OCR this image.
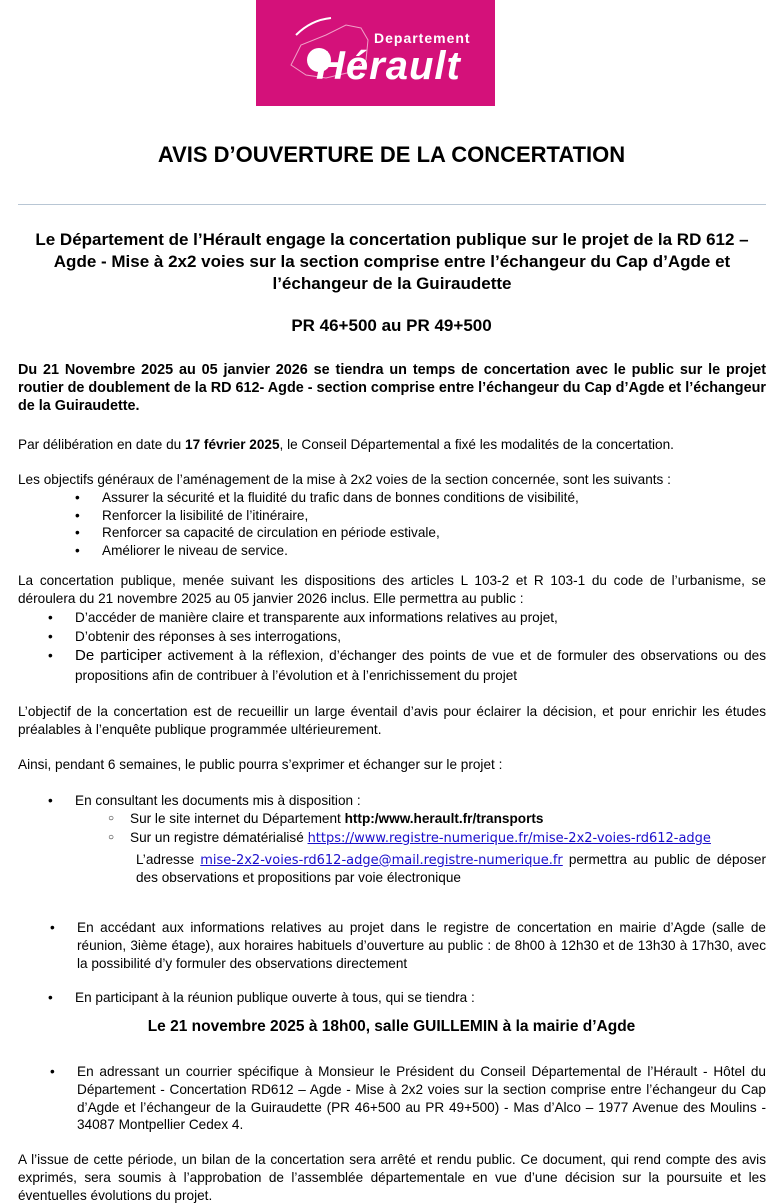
Departement
Hérault
AVIS D’OUVERTURE DE LA CONCERTATION
Le Département de l’Hérault engage la concertation publique sur le projet de la RD 612 – Agde - Mise à 2x2 voies sur la section comprise entre l’échangeur du Cap d’Agde et l’échangeur de la Guiraudette
PR 46+500 au PR 49+500
Du 21 Novembre 2025 au 05 janvier 2026 se tiendra un temps de concertation avec le public sur le projet routier de doublement de la RD 612- Agde - section comprise entre l’échangeur du Cap d’Agde et l’échangeur de la Guiraudette.
Par délibération en date du 17 février 2025, le Conseil Départemental a fixé les modalités de la concertation.
Les objectifs généraux de l’aménagement de la mise à 2x2 voies de la section concernée, sont les suivants :
• Assurer la sécurité et la fluidité du trafic dans de bonnes conditions de visibilité,
• Renforcer la lisibilité de l’itinéraire,
• Renforcer sa capacité de circulation en période estivale,
• Améliorer le niveau de service.
La concertation publique, menée suivant les dispositions des articles L 103-2 et R 103-1 du code de l’urbanisme, se déroulera du 21 novembre 2025 au 05 janvier 2026 inclus. Elle permettra au public :
• D’accéder de manière claire et transparente aux informations relatives au projet,
• D’obtenir des réponses à ses interrogations,
• De participer activement à la réflexion, d’échanger des points de vue et de formuler des observations ou des propositions afin de contribuer à l’évolution et à l’enrichissement du projet
L’objectif de la concertation est de recueillir un large éventail d’avis pour éclairer la décision, et pour enrichir les études préalables à l’enquête publique programmée ultérieurement.
Ainsi, pendant 6 semaines, le public pourra s’exprimer et échanger sur le projet :
• En consultant les documents mis à disposition :
○ Sur le site internet du Département http:/www.herault.fr/transports
○ Sur un registre dématérialisé https://www.registre-numerique.fr/mise-2x2-voies-rd612-adge
L’adresse mise-2x2-voies-rd612-adge@mail.registre-numerique.fr permettra au public de déposer des observations et propositions par voie électronique
• En accédant aux informations relatives au projet dans le registre de concertation en mairie d’Agde (salle de réunion, 3ième étage), aux horaires habituels d’ouverture au public : de 8h00 à 12h30 et de 13h30 à 17h30, avec la possibilité d’y formuler des observations directement
• En participant à la réunion publique ouverte à tous, qui se tiendra :
Le 21 novembre 2025 à 18h00, salle GUILLEMIN à la mairie d’Agde
• En adressant un courrier spécifique à Monsieur le Président du Conseil Départemental de l’Hérault - Hôtel du Département - Concertation RD612 – Agde - Mise à 2x2 voies sur la section comprise entre l’échangeur du Cap d’Agde et l’échangeur de la Guiraudette (PR 46+500 au PR 49+500) - Mas d’Alco – 1977 Avenue des Moulins - 34087 Montpellier Cedex 4.
A l’issue de cette période, un bilan de la concertation sera arrêté et rendu public. Ce document, qui rend compte des avis exprimés, sera soumis à l’approbation de l’assemblée départementale en vue d’une décision sur la poursuite et les éventuelles évolutions du projet.
